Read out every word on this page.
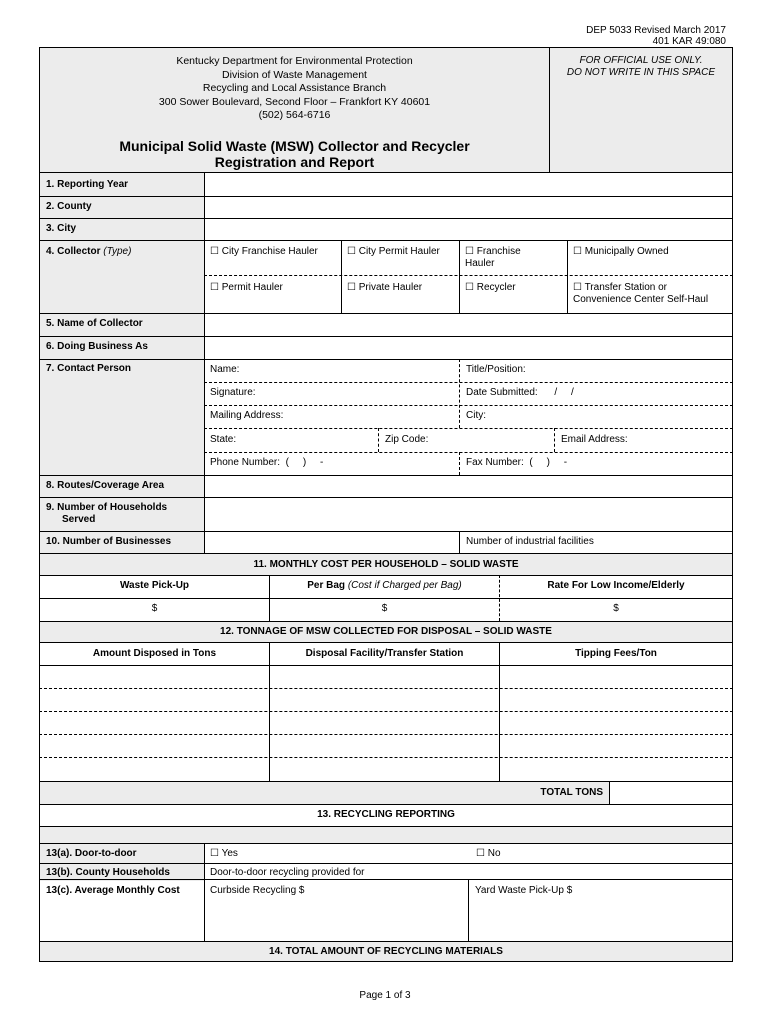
DEP 5033 Revised March 2017
401 KAR 49:080
Kentucky Department for Environmental Protection
Division of Waste Management
Recycling and Local Assistance Branch
300 Sower Boulevard, Second Floor – Frankfort KY 40601
(502) 564-6716
Municipal Solid Waste (MSW) Collector and Recycler
Registration and Report
FOR OFFICIAL USE ONLY.
DO NOT WRITE IN THIS SPACE
1. Reporting Year
2. County
3. City
4. Collector (Type)	☐ City Franchise Hauler	☐ City Permit Hauler	☐ Franchise
Hauler
☐ Municipally Owned
☐ Permit Hauler	☐ Private Hauler	☐ Recycler	☐ Transfer Station or
Convenience Center Self-Haul
5. Name of Collector
6. Doing Business As
7. Contact Person	Name:	Title/Position:
Signature:	Date Submitted:      /     /
Mailing Address:	City:
State:	Zip Code:	Email Address:
Phone Number:  (     )     -	Fax Number:  (     )     -
8. Routes/Coverage Area
9. Number of Households
Served
10. Number of Businesses	Number of industrial facilities
11. MONTHLY COST PER HOUSEHOLD – SOLID WASTE
Waste Pick-Up	Per Bag (Cost if Charged per Bag)	Rate For Low Income/Elderly
$	$	$
12. TONNAGE OF MSW COLLECTED FOR DISPOSAL – SOLID WASTE
Amount Disposed in Tons	Disposal Facility/Transfer Station	Tipping Fees/Ton
TOTAL TONS
13. RECYCLING REPORTING
13(a). Door-to-door	☐ Yes	☐ No
13(b). County Households	Door-to-door recycling provided for
13(c). Average Monthly Cost	Curbside Recycling $	Yard Waste Pick-Up $
14. TOTAL AMOUNT OF RECYCLING MATERIALS
Page 1 of 3
